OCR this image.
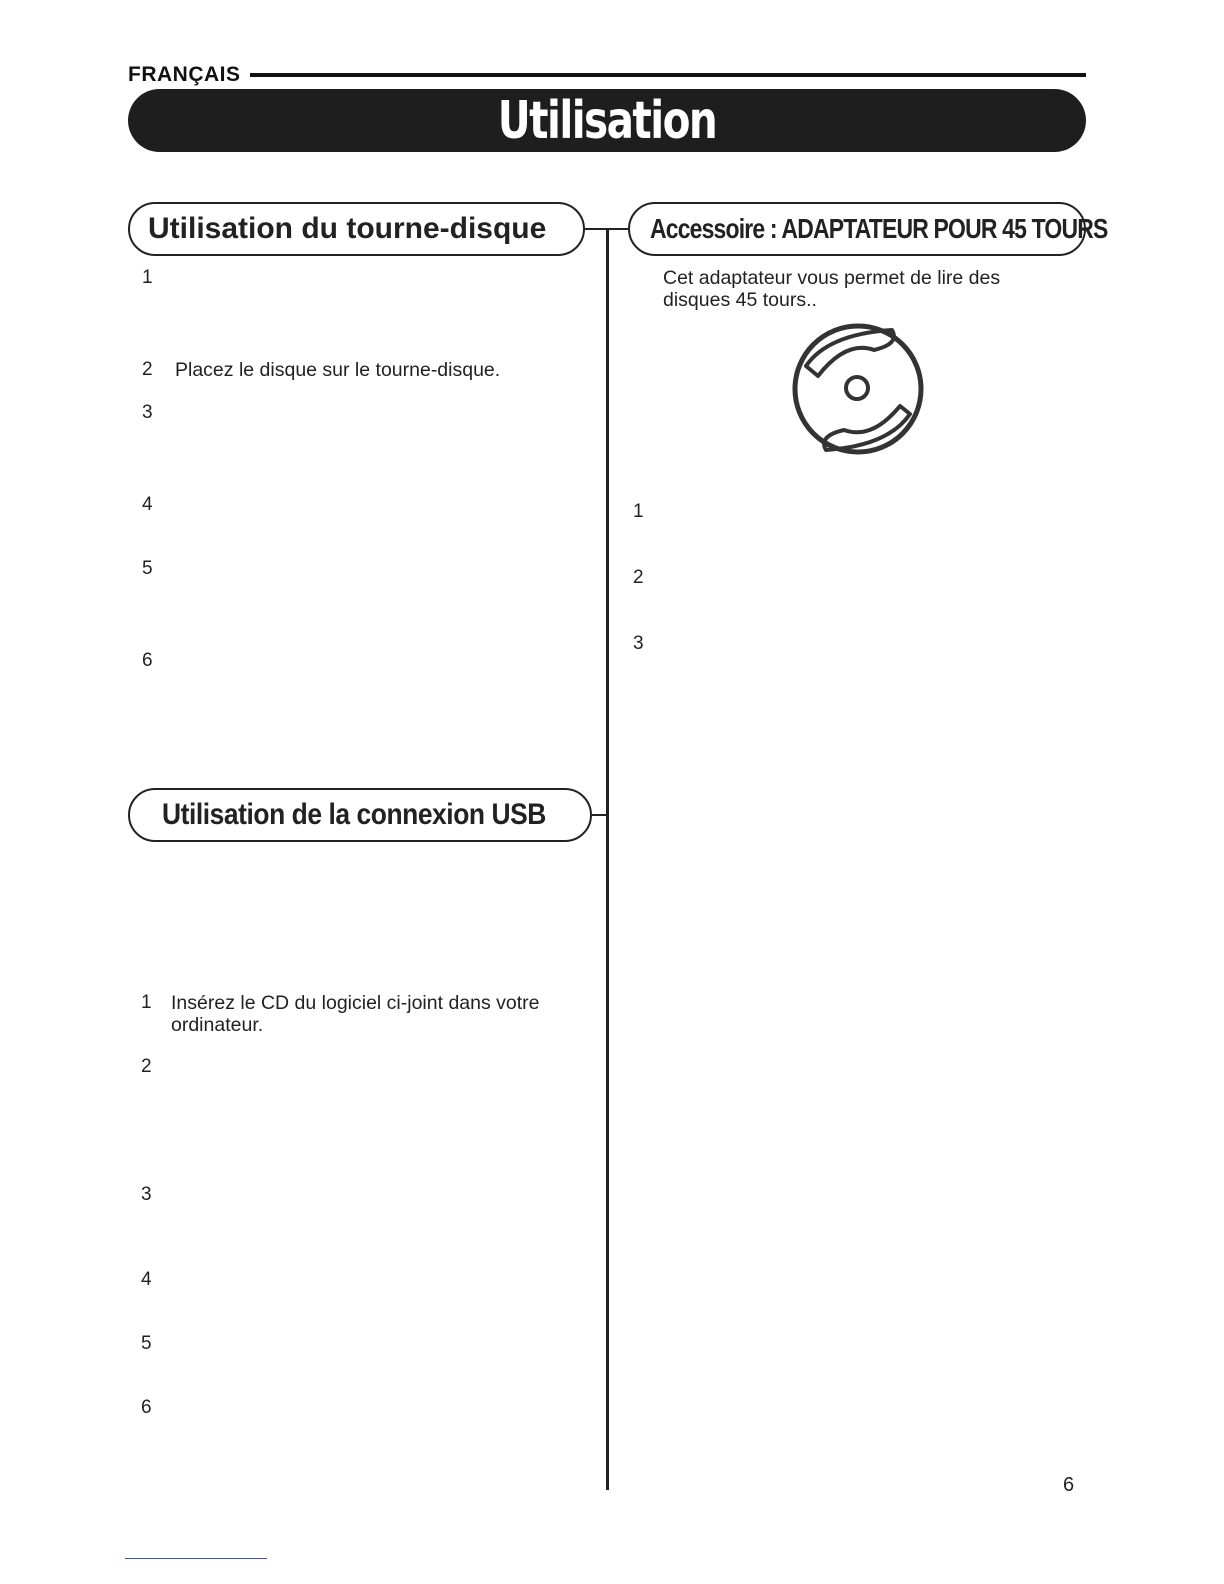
FRANÇAIS
Utilisation
Utilisation du tourne-disque
1
2 Placez le disque sur le tourne-disque.
3
4
5
6
Accessoire : ADAPTATEUR POUR 45 TOURS
Cet adaptateur vous permet de lire des
disques 45 tours..
1
2
3
Utilisation de la connexion USB
1 Insérez le CD du logiciel ci-joint dans votre
ordinateur.
2
3
4
5
6
6
